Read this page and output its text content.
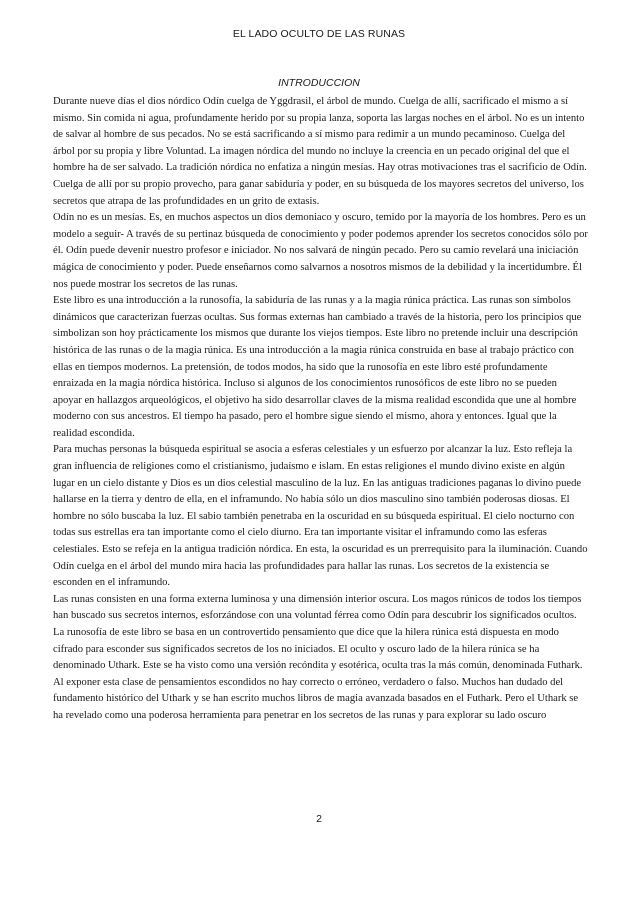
EL LADO OCULTO DE LAS RUNAS
INTRODUCCION

Durante nueve días el dios nórdico Odín cuelga de Yggdrasil, el árbol de mundo. Cuelga de allí, sacrificado el mismo a sí mismo. Sin comida ni agua, profundamente herido por su propia lanza, soporta las largas noches en el árbol. No es un intento de salvar al hombre de sus pecados. No se está sacrificando a sí mismo para redimir a un mundo pecaminoso. Cuelga del árbol por su propia y libre Voluntad. La imagen nórdica del mundo no incluye la creencia en un pecado original del que el hombre ha de ser salvado. La tradición nórdica no enfatiza a ningún mesías. Hay otras motivaciones tras el sacrificio de Odín. Cuelga de allí por su propio provecho, para ganar sabiduría y poder, en su búsqueda de los mayores secretos del universo, los secretos que atrapa de las profundidades en un grito de extasis.

Odín no es un mesías. Es, en muchos aspectos un dios demoniaco y oscuro, temido por la mayoría de los hombres. Pero es un modelo a seguir- A través de su pertinaz búsqueda de conocimiento y poder podemos aprender los secretos conocidos sólo por él. Odín puede devenir nuestro profesor e iniciador. No nos salvará de ningún pecado. Pero su camio revelará una iniciación mágica de conocimiento y poder. Puede enseñarnos como salvarnos a nosotros mismos de la debilidad y la incertidumbre. Él nos puede mostrar los secretos de las runas.

Este libro es una introducción a la runosofía, la sabiduría de las runas y a la magia rúnica práctica. Las runas son símbolos dinámicos que caracterizan fuerzas ocultas. Sus formas externas han cambiado a través de la historia, pero los principios que simbolizan son hoy prácticamente los mismos que durante los viejos tiempos. Este libro no pretende incluir una descripción histórica de las runas o de la magia rúnica. Es una introducción a la magia rúnica construida en base al trabajo práctico con ellas en tiempos modernos. La pretensión, de todos modos, ha sido que la runosofía en este libro esté profundamente enraizada en la magia nórdica histórica. Incluso si algunos de los conocimientos runosóficos de este libro no se pueden apoyar en hallazgos arqueológicos, el objetivo ha sido desarrollar claves de la misma realidad escondida que une al hombre moderno con sus ancestros. El tiempo ha pasado, pero el hombre sigue siendo el mismo, ahora y entonces. Igual que la realidad escondida.

Para muchas personas la búsqueda espiritual se asocia a esferas celestiales y un esfuerzo por alcanzar la luz. Esto refleja la gran influencia de religiones como el cristianismo, judaísmo e islam. En estas religiones el mundo divino existe en algún lugar en un cielo distante y Dios es un dios celestial masculino de la luz. En las antiguas tradiciones paganas lo divino puede hallarse en la tierra y dentro de ella, en el inframundo. No había sólo un dios masculino sino también poderosas diosas. El hombre no sólo buscaba la luz. El sabio también penetraba en la oscuridad en su búsqueda espiritual. El cielo nocturno con todas sus estrellas era tan importante como el cielo diurno. Era tan importante visitar el inframundo como las esferas celestiales. Esto se refeja en la antigua tradición nórdica. En esta, la oscuridad es un prerrequisito para la iluminación. Cuando Odín cuelga en el árbol del mundo mira hacia las profundidades para hallar las runas. Los secretos de la existencia se esconden en el inframundo.

Las runas consisten en una forma externa luminosa y una dimensión interior oscura. Los magos rúnicos de todos los tiempos han buscado sus secretos internos, esforzándose con una voluntad férrea como Odín para descubrir los significados ocultos. La runosofía de este libro se basa en un controvertido pensamiento que dice que la hilera rúnica está dispuesta en modo cifrado para esconder sus significados secretos de los no iniciados. El oculto y oscuro lado de la hilera rúnica se ha denominado Uthark. Este se ha visto como una versión recóndita y esotérica, oculta tras la más común, denominada Futhark. Al exponer esta clase de pensamientos escondidos no hay correcto o erróneo, verdadero o falso. Muchos han dudado del fundamento histórico del Uthark y se han escrito muchos libros de magia avanzada basados en el Futhark. Pero el Uthark se ha revelado como una poderosa herramienta para penetrar en los secretos de las runas y para explorar su lado oscuro

2
